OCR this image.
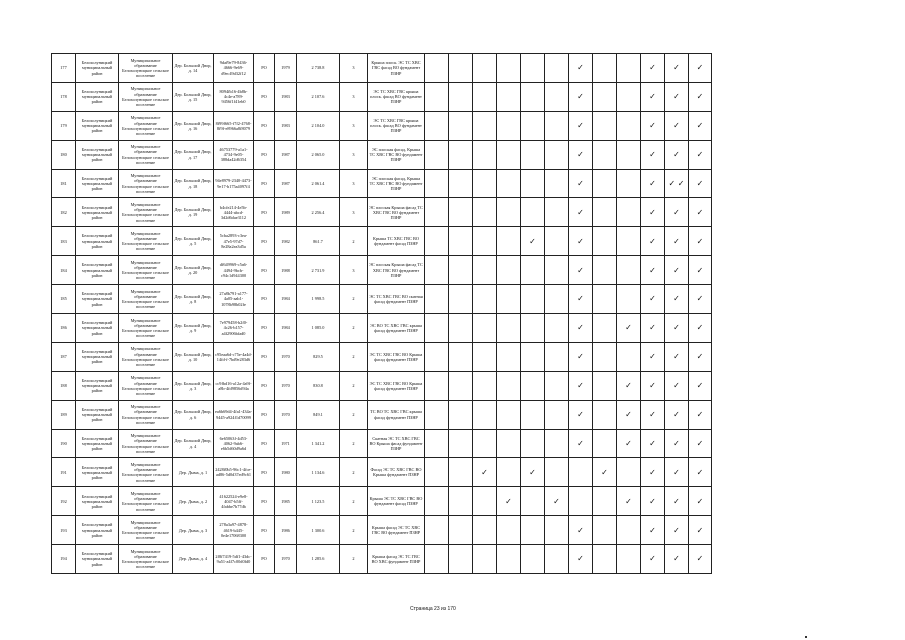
177	Белохолуницкий муниципальный район	Муниципальное образование Белохолуницкое сельское поселение	Дер. Большой Двор, д. 14	9daf9e79-8436-4666-9e69-d9ec49d32f12	РО	1979	2 738.8	3	Крыша плоск. ЭС ТС ХВС ГВС фасад ВО фундамент ПЗНР							✓			✓	✓	✓
178	Белохолуницкий муниципальный район	Муниципальное образование Белохолуницкое сельское поселение	Дер. Большой Двор, д. 15	8094fb16-4b8b-4c4e-a789-9456f1f41eb0	РО	1983	2 107.6	3	ЭС ТС ХВС ГВС крыша плоск. фасад ВО фундамент ПЗНР							✓			✓	✓	✓
179	Белохолуницкий муниципальный район	Муниципальное образование Белохолуницкое сельское поселение	Дер. Большой Двор, д. 16	8f99f665-f7f2-4768-8f9f-e8966a8f8079	РО	1983	2 104.0	3	ЭС ТС ХВС ГВС крыша плоск. фасад ВО фундамент ПЗНР							✓			✓	✓	✓
180	Белохолуницкий муниципальный район	Муниципальное образование Белохолуницкое сельское поселение	Дер. Большой Двор, д. 17	46753779-a1a1-4734-9e05-388da42d6354	РО	1987	2 065.0	3	ЭС плоская фасад, Крыша ТС ХВС ГВС ВО фундамент ПЗНР							✓			✓	✓	✓
181	Белохолуницкий муниципальный район	Муниципальное образование Белохолуницкое сельское поселение	Дер. Большой Двор, д. 18	94e8979-2340-4473-9e17-b175a4097f4	РО	1987	2 061.4	3	ЭС плоская фасад, Крыша ТС ХВС ГВС ВО фундамент ПЗНР							✓			✓	✓ ✓	✓
182	Белохолуницкий муниципальный район	Муниципальное образование Белохолуницкое сельское поселение	Дер. Большой Двор, д. 19	b4cfe214-4e5b-4444-abcd-3d2d6dae3112	РО	1989	2 256.4	3	ЭС плоская Крыша фасад ТС ХВС ГВС ВО фундамент ПЗНР							✓			✓	✓	✓
183	Белохолуницкий муниципальный район	Муниципальное образование Белохолуницкое сельское поселение	Дер. Большой Двор, д. 5	5cba2893-c3ea-47e5-97d7-8e28a2ea3d5a	РО	1982	861.7	2	Крыша ТС ХВС ГВС ВО фундамент фасад ПЗНР					✓		✓			✓	✓	✓
184	Белохолуницкий муниципальный район	Муниципальное образование Белохолуницкое сельское поселение	Дер. Большой Двор, д. 20	df649969-c5a6-4494-9bcb-c94c1d944300	РО	1988	2 731.9	3	ЭС плоская Крыша фасад ТС ХВС ГВС ВО фундамент ПЗНР							✓			✓	✓	✓
185	Белохолуницкий муниципальный район	Муниципальное образование Белохолуницкое сельское поселение	Дер. Большой Двор, д. 8	27a8b791-a177-4a05-aab1-1078b98b02fe	РО	1984	1 998.5	2	ЭС ТС ХВС ГВС ВО скатная фасад фундамент ПЗНР							✓			✓	✓	✓
186	Белохолуницкий муниципальный район	Муниципальное образование Белохолуницкое сельское поселение	Дер. Большой Двор, д. 9	7e979458-b2f0-4c26-b157-a4f2906bfad0	РО	1984	1 085.0	2	ЭС ВО ТС ХВС ГВС крыша фасад фундамент ПЗНР							✓		✓	✓	✓	✓
187	Белохолуницкий муниципальный район	Муниципальное образование Белохолуницкое сельское поселение	Дер. Большой Двор, д. 10	c95eaa6d-c75e-4a4d-14fd-f-7bd9e283d6	РО	1970	829.5	2	ЭС ТС ХВС ГВС ВО Крыша фасад фундамент ПЗНР							✓			✓	✓	✓
188	Белохолуницкий муниципальный район	Муниципальное образование Белохолуницкое сельское поселение	Дер. Большой Двор, д. 3	cc9fbd16-a12a-4a9f-a8b-4fd9856d94a	РО	1970	830.8	2	ЭС ТС ХВС ГВС ВО Крыша фасад фундамент ПЗНР							✓		✓	✓	✓	✓
189	Белохолуницкий муниципальный район	Муниципальное образование Белохолуницкое сельское поселение	Дер. Большой Двор, д. 6	ea6b69d4-4fa1-434a-9445-a924f1d70099	РО	1970	849.1	2	ТС ВО ТС ХВС ГВС крыша фасад фундамент ПЗНР							✓		✓	✓	✓	✓
190	Белохолуницкий муниципальный район	Муниципальное образование Белохолуницкое сельское поселение	Дер. Большой Двор, д. 4	6e65063f-4d53-4062-9ab6-e6b5d60d9a6d	РО	1971	1 341.2	2	Скатная ЭС ТС ХВС ГВС ВО Крыша фасад фундамент ПЗНР							✓		✓	✓	✓	✓
191	Белохолуницкий муниципальный район	Муниципальное образование Белохолуницкое сельское поселение	Дер. Дыма, д. 1	2428f0b5-96c1-4fce-ad86-5d0d37ed9c61	РО	1980	1 134.6	2	Фасад ЭС ТС ХВС ГВС ВО Крыша фундамент ПЗНР			✓		✓			✓		✓	✓	✓
192	Белохолуницкий муниципальный район	Муниципальное образование Белохолуницкое сельское поселение	Дер. Дыма, д. 2	41622524-e9e8-4047-b5ff-4fabbe7b77db	РО	1985	1 123.5	2	Крыша ЭС ТС ХВС ГВС ВО фундамент фасад ПЗНР				✓		✓			✓	✓	✓	✓
193	Белохолуницкий муниципальный район	Муниципальное образование Белохолуницкое сельское поселение	Дер. Дыма, д. 3	278a3a97-4878-4619-b445-0e4e17068300	РО	1986	1 300.6	2	Крыша фасад ЭС ТС ХВС ГВС ВО фундамент ПЗНР							✓			✓	✓	✓
194	Белохолуницкий муниципальный район	Муниципальное образование Белохолуницкое сельское поселение	Дер. Дыма, д. 4	2f8f7419-5df1-43dc-9a51-a4f7c00d0fd0	РО	1970	1 285.6	2	Крыша фасад ЭС ТС ГВС ВО ХВС фундамент ПЗНР							✓			✓	✓	✓
Страница 23 из 170
